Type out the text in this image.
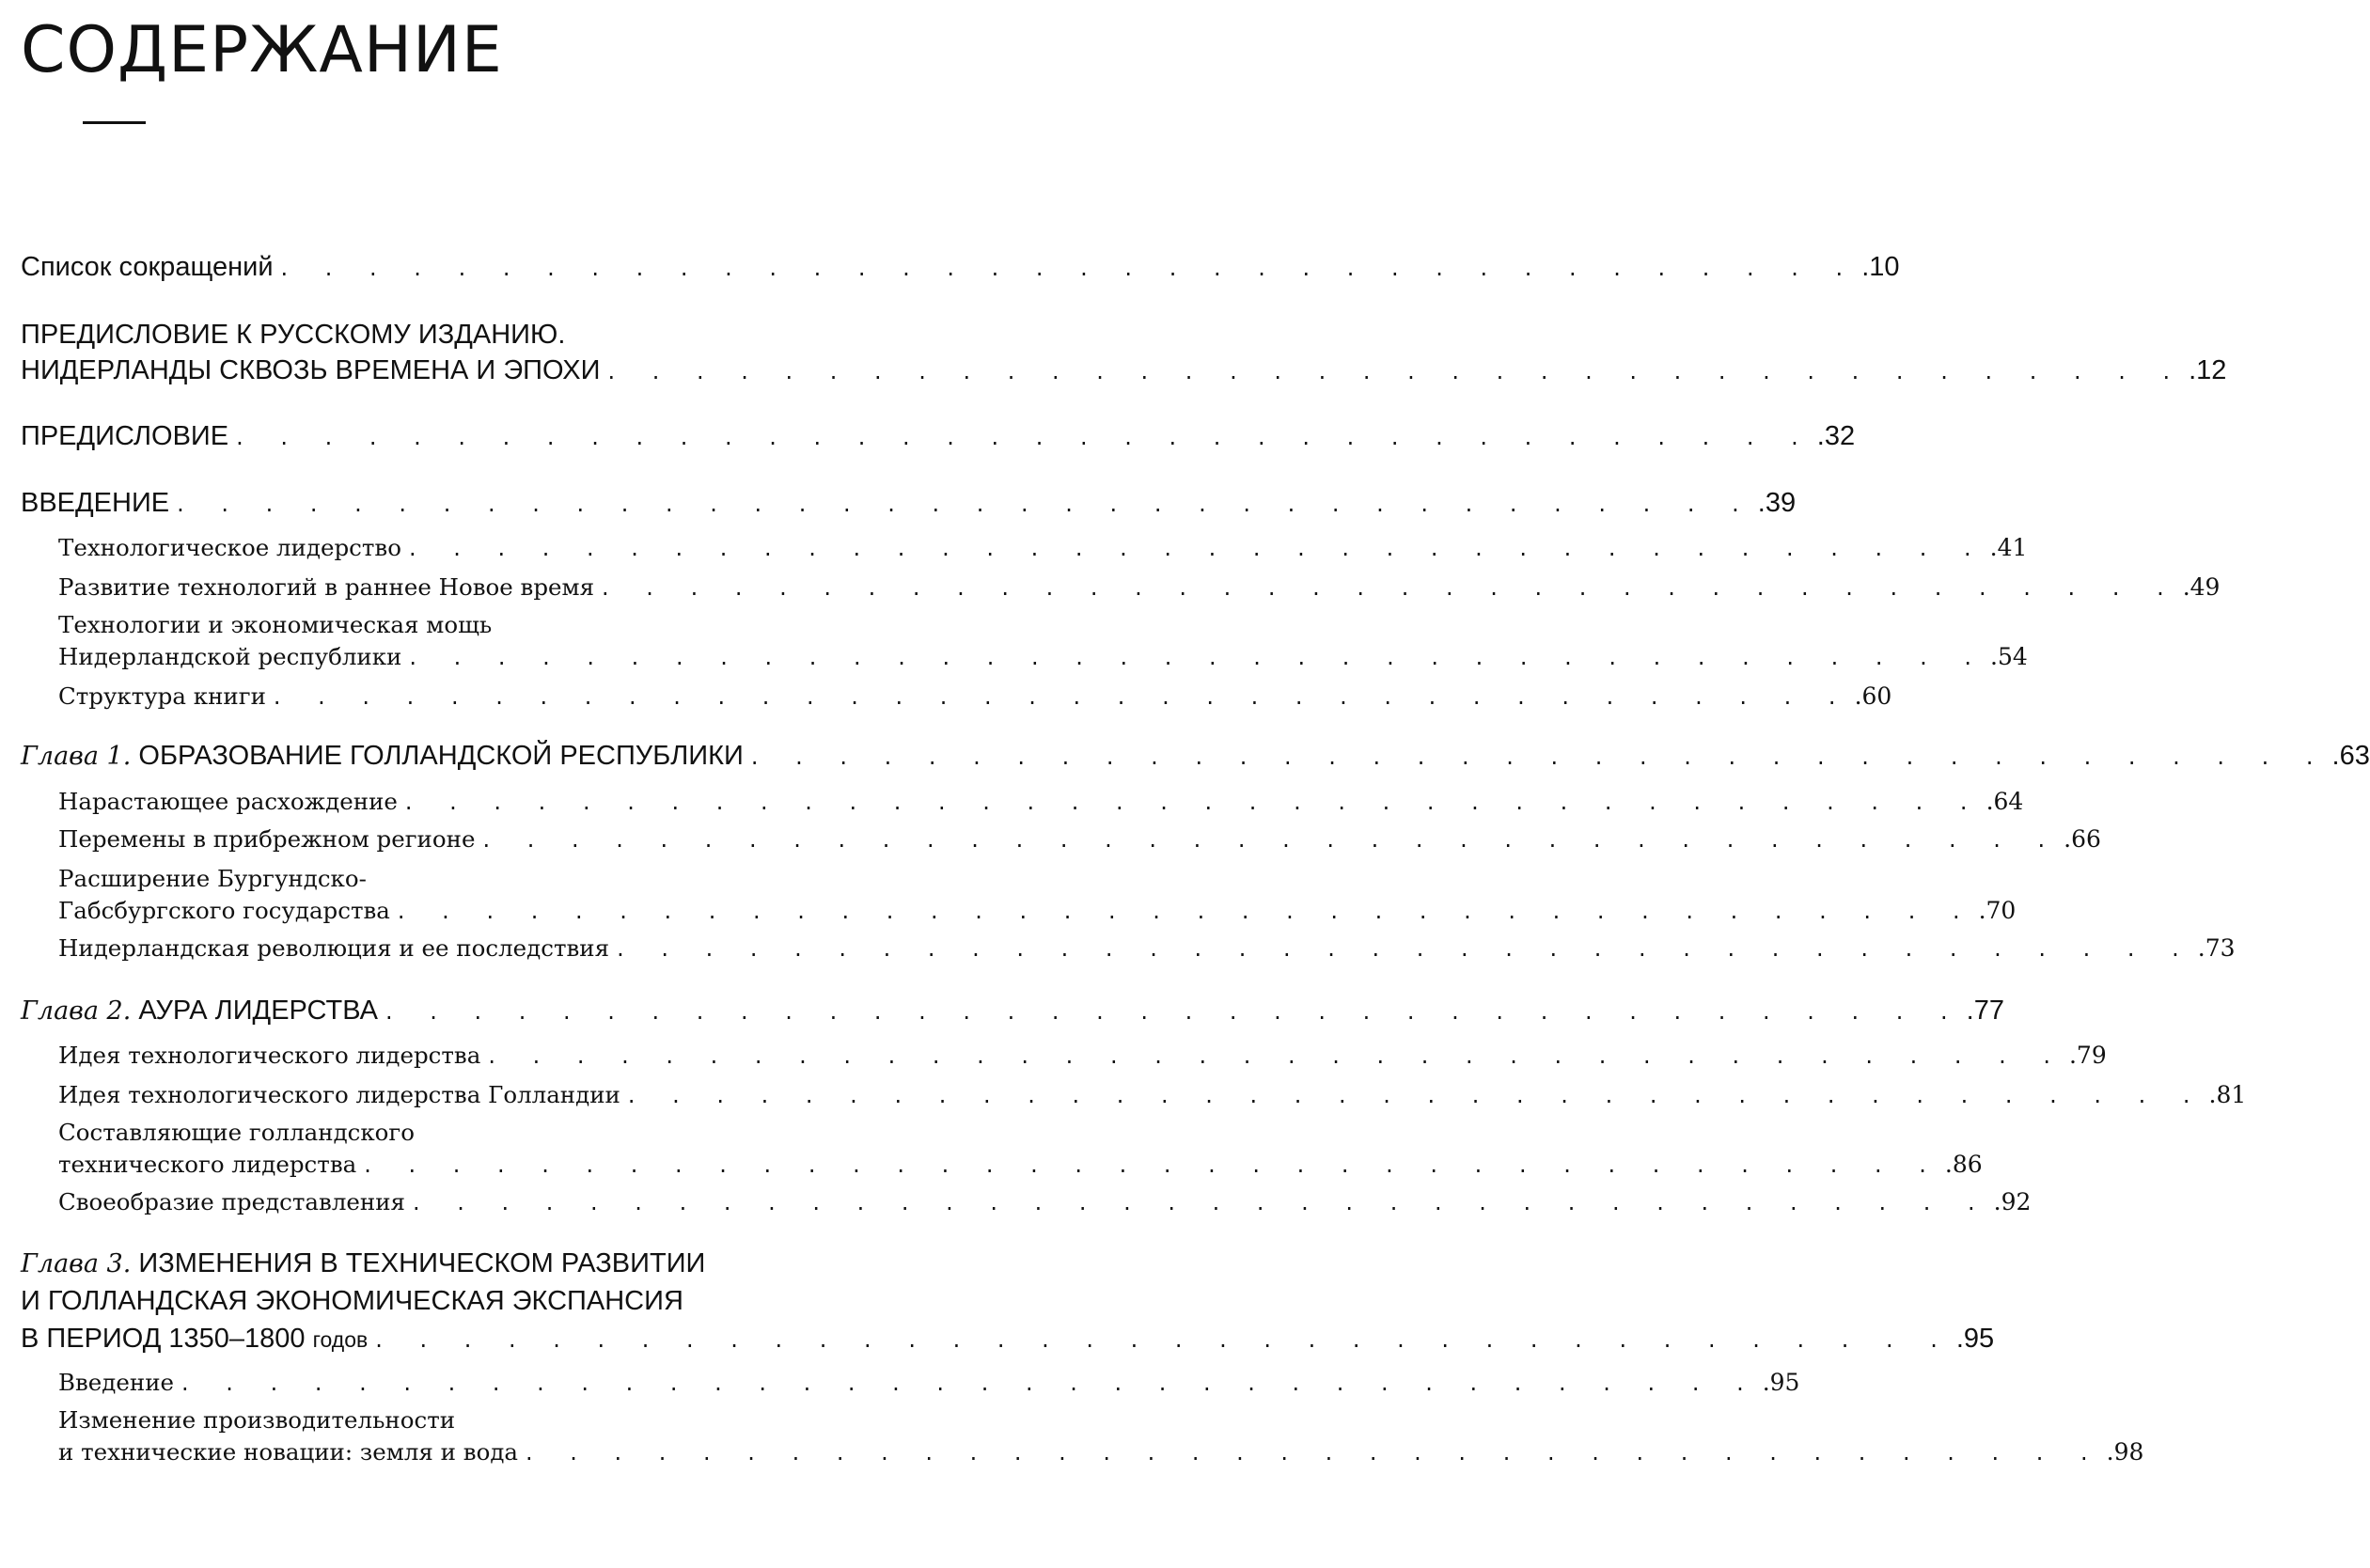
СОДЕРЖАНИЕ
Список сокращений . . . . . . . . . . . . . . . . . . . . . . . . . . . . . . . . . . . . .10
ПРЕДИСЛОВИЕ К РУССКОМУ ИЗДАНИЮ.
НИДЕРЛАНДЫ СКВОЗЬ ВРЕМЕНА И ЭПОХИ . . . . . . . . . . . . . . . . . . . . . . . . . . . . . . . . . . . . .12
ПРЕДИСЛОВИЕ . . . . . . . . . . . . . . . . . . . . . . . . . . . . . . . . . . . . .32
ВВЕДЕНИЕ . . . . . . . . . . . . . . . . . . . . . . . . . . . . . . . . . . . . .39
Технологическое лидерство . . . . . . . . . . . . . . . . . . . . . . . . . . . . . . . . . . . . .41
Развитие технологий в раннее Новое время . . . . . . . . . . . . . . . . . . . . . . . . . . . . . . . . . . . . .49
Технологии и экономическая мощь
Нидерландской республики . . . . . . . . . . . . . . . . . . . . . . . . . . . . . . . . . . . . .54
Структура книги . . . . . . . . . . . . . . . . . . . . . . . . . . . . . . . . . . . . .60
Глава 1. ОБРАЗОВАНИЕ ГОЛЛАНДСКОЙ РЕСПУБЛИКИ . . . . . . . . . . . . . . . . . . . . . . . . . . . . . . . . . . . . .63
Нарастающее расхождение . . . . . . . . . . . . . . . . . . . . . . . . . . . . . . . . . . . . .64
Перемены в прибрежном регионе . . . . . . . . . . . . . . . . . . . . . . . . . . . . . . . . . . . . .66
Расширение Бургундско-
Габсбургского государства . . . . . . . . . . . . . . . . . . . . . . . . . . . . . . . . . . . . .70
Нидерландская революция и ее последствия . . . . . . . . . . . . . . . . . . . . . . . . . . . . . . . . . . . . .73
Глава 2. АУРА ЛИДЕРСТВА . . . . . . . . . . . . . . . . . . . . . . . . . . . . . . . . . . . . .77
Идея технологического лидерства . . . . . . . . . . . . . . . . . . . . . . . . . . . . . . . . . . . . .79
Идея технологического лидерства Голландии . . . . . . . . . . . . . . . . . . . . . . . . . . . . . . . . . . . . .81
Составляющие голландского
технического лидерства . . . . . . . . . . . . . . . . . . . . . . . . . . . . . . . . . . . . .86
Своеобразие представления . . . . . . . . . . . . . . . . . . . . . . . . . . . . . . . . . . . . .92
Глава 3. ИЗМЕНЕНИЯ В ТЕХНИЧЕСКОМ РАЗВИТИИ
И ГОЛЛАНДСКАЯ ЭКОНОМИЧЕСКАЯ ЭКСПАНСИЯ
В ПЕРИОД 1350–1800 годов . . . . . . . . . . . . . . . . . . . . . . . . . . . . . . . . . . . . .95
Введение . . . . . . . . . . . . . . . . . . . . . . . . . . . . . . . . . . . . .95
Изменение производительности
и технические новации: земля и вода . . . . . . . . . . . . . . . . . . . . . . . . . . . . . . . . . . . . .98
